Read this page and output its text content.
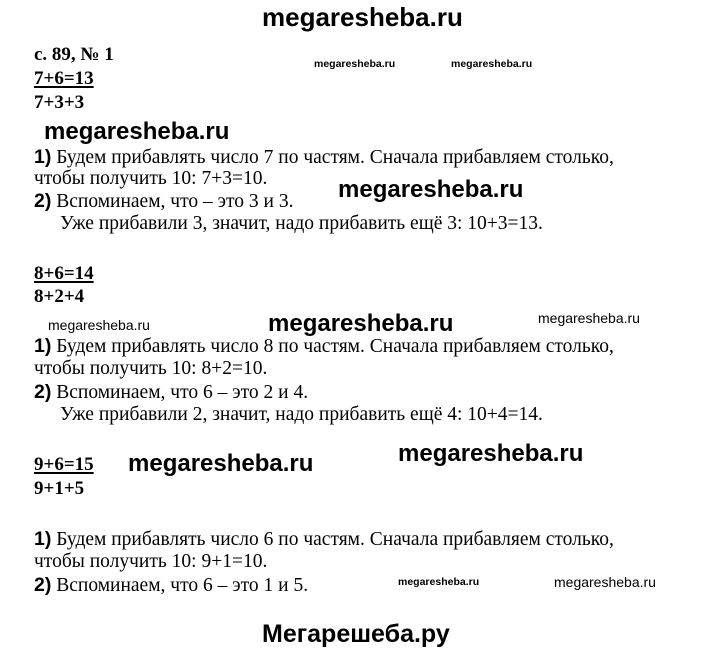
megaresheba.ru
с. 89, № 1	megaresheba.ru	megaresheba.ru
7+6=13
7+3+3
megaresheba.ru
1) Будем прибавлять число 7 по частям. Сначала прибавляем столько,
чтобы получить 10: 7+3=10.
2) Вспоминаем, что – это 3 и 3. megaresheba.ru
Уже прибавили 3, значит, надо прибавить ещё 3: 10+3=13.
8+6=14
8+2+4
megaresheba.ru	megaresheba.ru	megaresheba.ru
1) Будем прибавлять число 8 по частям. Сначала прибавляем столько,
чтобы получить 10: 8+2=10.
2) Вспоминаем, что 6 – это 2 и 4.
Уже прибавили 2, значит, надо прибавить ещё 4: 10+4=14.
9+6=15 megaresheba.ru	megaresheba.ru
9+1+5
1) Будем прибавлять число 6 по частям. Сначала прибавляем столько,
чтобы получить 10: 9+1=10.
2) Вспоминаем, что 6 – это 1 и 5.	megaresheba.ru	megaresheba.ru
Мегарешеба.ру
